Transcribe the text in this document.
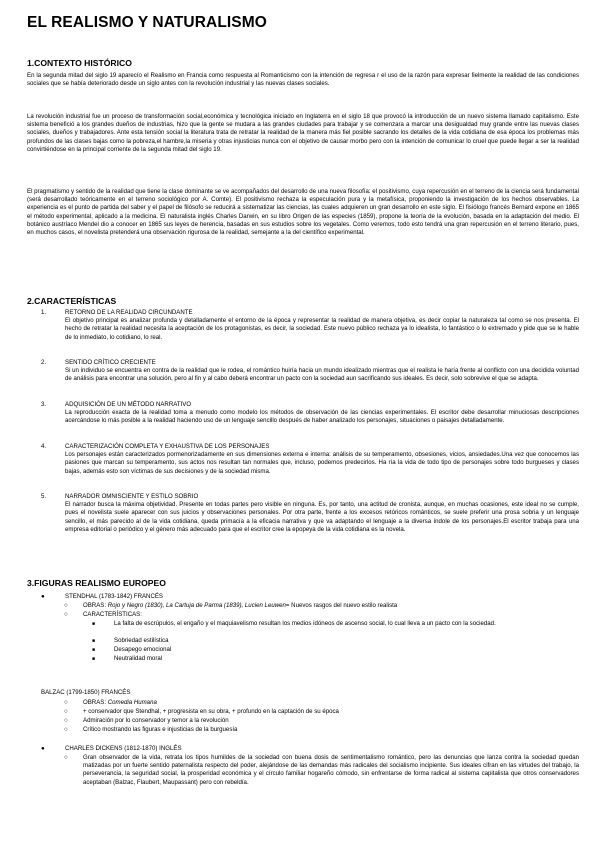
EL REALISMO Y NATURALISMO
1.CONTEXTO HISTÓRICO

En la segunda mitad del siglo 19 aparecío el Realismo en Francia como respuesta al Romanticismo con la intención de regresa r el uso de la razón para expresar fielmente la realidad de las condiciones sociales que se había deteriorado desde un siglo antes con la revolución industrial y las nuevas clases sociales.

La revolución industrial fue un proceso de transformación social,económica y tecnológica iniciado en Inglaterra en el siglo 18 que provocó la introducción de un nuevo sistema llamado capitalismo. Este sistema benefició a los grandes dueños de industrias, hizo que la gente se mudara a las grandes ciudades para trabajar y se comenzara a marcar una desigualdad muy grande entre las nuevas clases sociales, dueños y trabajadores. Ante esta tensión social la literatura trata de retratar la realidad de la manera más fiel posible sacrando los detalles de la vida cotidiana de esa época los problemas más profundos de las clases bajas como la pobreza,el hambre,la miseria y otras injusticias nunca con el objetivo de causar morbo pero con la intención de comunicar lo cruel que puede llegar a ser la realidad convirtiéndose en la principal corriente de la segunda mitad del siglo 19.

El pragmatismo y sentido de la realidad que tiene la clase dominante se ve acompañados del desarrollo de una nueva filosofía: el positivismo, cuya repercusión en el terreno de la ciencia será fundamental (será desarrollado teóricamente en el terreno sociológico por A. Comte). El positivismo rechaza la especulación pura y la metafísica, proponiendo la investigación de los hechos observables. La experiencia es el punto de partida del saber y el papel de filósofo se reducirá a sistematizar las ciencias, las cuales adquieren un gran desarrollo en este siglo. El fisiólogo francés Bernard expone en 1865 el método experimental, aplicado a la medicina. El naturalista inglés Charles Darwin, en su libro Origen de las especies (1859), propone la teoría de la evolución, basada en la adaptación del medio. El botánico austríaco Mendel dio a conocer en 1865 sus leyes de herencia, basadas en sus estudios sobre los vegetales. Como veremos, todo esto tendrá una gran repercusión en el terreno literario, pues, en muchos casos, el novelista pretenderá una observación rigurosa de la realidad, semejante a la del científico experimental.

2.CARACTERÍSTICAS
1.	RETORNO DE LA REALIDAD CIRCUNDANTE
El objetivo principal es analizar profunda y detalladamente el entorno de la época y representar la realidad de manera objetiva, es decir copiar la naturaleza tal como se nos presenta. El hecho de retratar la realidad necesita la aceptación de los protagonistas, es decir, la sociedad. Este nuevo público rechaza ya lo idealista, lo fantástico o lo extremado y pide que se le hable de lo inmediato, lo cotidiano, lo real.
2.	SENTIDO CRÍTICO CRECIENTE
Si un individuo se encuentra en contra de la realidad que le rodea, el romántico huiría hacia un mundo idealizado mientras que el realista le haría frente al conflicto con una decidida voluntad de análisis para encontrar una solución, pero al fin y al cabo deberá encontrar un pacto con la sociedad aun sacrificando sus ideales. Es decir, solo sobrevive el que se adapta.
3.	ADQUISICIÓN DE UN MÉTODO NARRATIVO
La reproducción exacta de la realidad toma a menudo como modelo los métodos de observación de las ciencias experimentales. El escritor debe desarrollar minuciosas descripciones acercándose lo más posible a la realidad haciendo uso de un lenguaje sencillo después de haber analizado los personajes, situaciones o paisajes detalladamente.
4.	CARACTERIZACIÓN COMPLETA Y EXHAUSTIVA DE LOS PERSONAJES
Los personajes están caracterizados pormenorizadamente en sus dimensiones externa e interna: análisis de su temperamento, obsesiones, vicios, ansiedades.Una vez que conocemos las pasiones que marcan su temperamento, sus actos nos resultan tan normales que, incluso, podemos predecirlos. Ha ría la vida de todo tipo de personajes sobre todo burgueses y clases bajas, además esto son víctimas de sus decisiones y de la sociedad misma.
5.	NARRADOR OMNISCIENTE Y ESTILO SOBRIO
El narrador busca la máxima objetividad. Presente en todas partes pero visible en ninguna. Es, por tanto, una actitud de cronista, aunque, en muchas ocasiones, este ideal no se cumple, pues el novelista suele aparecer con sus juicios y observaciones personales. Por otra parte, frente a los excesos retóricos románticos, se suele preferir una prosa sobria y un lenguaje sencillo, el más parecido al de la vida cotidiana, queda primacía a la eficacia narrativa y que va adaptando el lenguaje a la diversa índole de los personajes.El escritor trabaja para una empresa editorial o periódico y el género más adecuado para que el escritor cree la epopeya de la vida cotidiana es la novela.
3.FIGURAS REALISMO EUROPEO
●	STENDHAL (1783-1842) FRANCÉS
○	OBRAS: Rojo y Negro (1830), La Cartuja de Parma (1839), Lucien Leuwen= Nuevos rasgos del nuevo estilo realista
○	CARACTERÍSTICAS:
■	La falta de escrúpulos, el engaño y el maquiavelismo resultan los medios idóneos de ascenso social, lo cual lleva a un pacto con la sociedad.
■	Sobriedad estilística
■	Desapego emocional
■	Neutralidad moral
BALZAC (1799-1850) FRANCÉS
○	OBRAS: Comedia Humana
○	+ conservador que Stendhal, + progresista en su obra, + profundo en la captación de su época
○	Admiración por lo conservador y temor a la revolución
○	Crítico mostrando las figuras e injusticias de la burguesía
●	CHARLES DICKENS (1812-1870) INGLÉS
○	Gran observador de la vida, retrata los tipos humildes de la sociedad con buena dosis de sentimentalismo romántico, pero las denuncias que lanza contra la sociedad quedan matizadas por un fuerte sentido paternalista respecto del poder, alejándose de las demandas más radicales del socialismo incipiente. Sus ideales cifran en las virtudes del trabajo, la perseverancia, la seguridad social, la prosperidad económica y el círculo familiar hogareño cómodo, sin enfrentarse de forma radical al sistema capitalista que otros conservadores aceptaban (Balzac, Flaubert, Maupassant) pero con rebeldía.
